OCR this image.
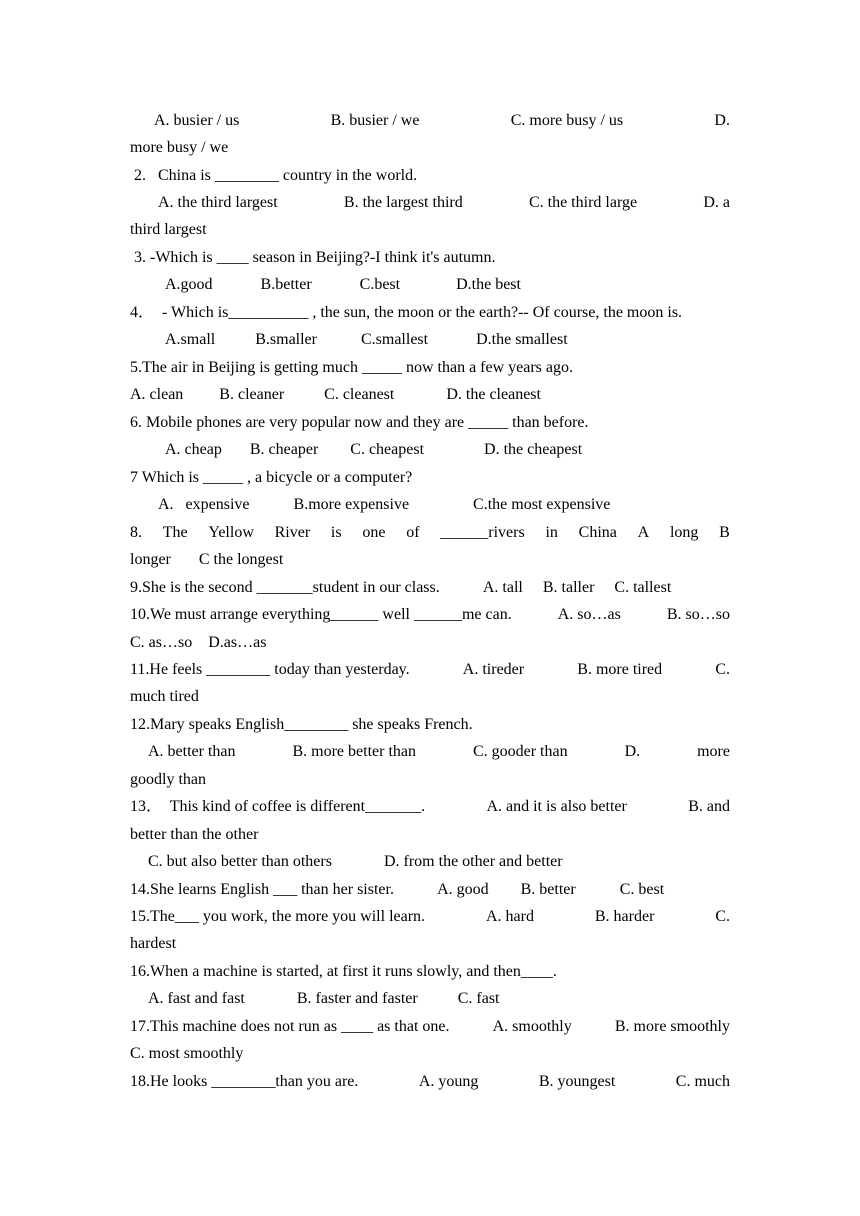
A. busier / us	B. busier / we	C. more busy / us	D.
more busy / we
2.   China is ________ country in the world.
A. the third largest	B. the largest third	C. the third large	D. a
third largest
3. -Which is ____ season in Beijing?-I think it's autumn.
A.good            B.better            C.best              D.the best
4．  - Which is__________ , the sun, the moon or the earth?-- Of course, the moon is.
A.small          B.smaller           C.smallest            D.the smallest
5.The air in Beijing is getting much _____ now than a few years ago.
A. clean         B. cleaner          C. cleanest             D. the cleanest
6. Mobile phones are very popular now and they are _____ than before.
A. cheap       B. cheaper        C. cheapest               D. the cheapest
7 Which is _____ , a bicycle or a computer?
A.   expensive           B.more expensive                C.the most expensive
8. The Yellow River is one of ______rivers in China A long B
longer       C the longest
9.She is the second _______student in our class.           A. tall     B. taller     C. tallest
10.We must arrange everything______ well ______me can.	A. so…as	B. so…so
C. as…so    D.as…as
11.He feels ________ today than yesterday.	A. tireder	B. more tired	C.
much tired
12.Mary speaks English________ she speaks French.
A. better than	B. more better than	C. gooder than	D.	more
goodly than
13．  This kind of coffee is different_______.	A. and it is also better	B. and
better than the other
C. but also better than others             D. from the other and better
14.She learns English ___ than her sister.           A. good        B. better           C. best
15.The___ you work, the more you will learn.	A. hard	B. harder	C.
hardest
16.When a machine is started, at first it runs slowly, and then____.
A. fast and fast             B. faster and faster          C. fast
17.This machine does not run as ____ as that one.	A. smoothly	B. more smoothly
C. most smoothly
18.He looks ________than you are.	A. young	B. youngest	C. much
